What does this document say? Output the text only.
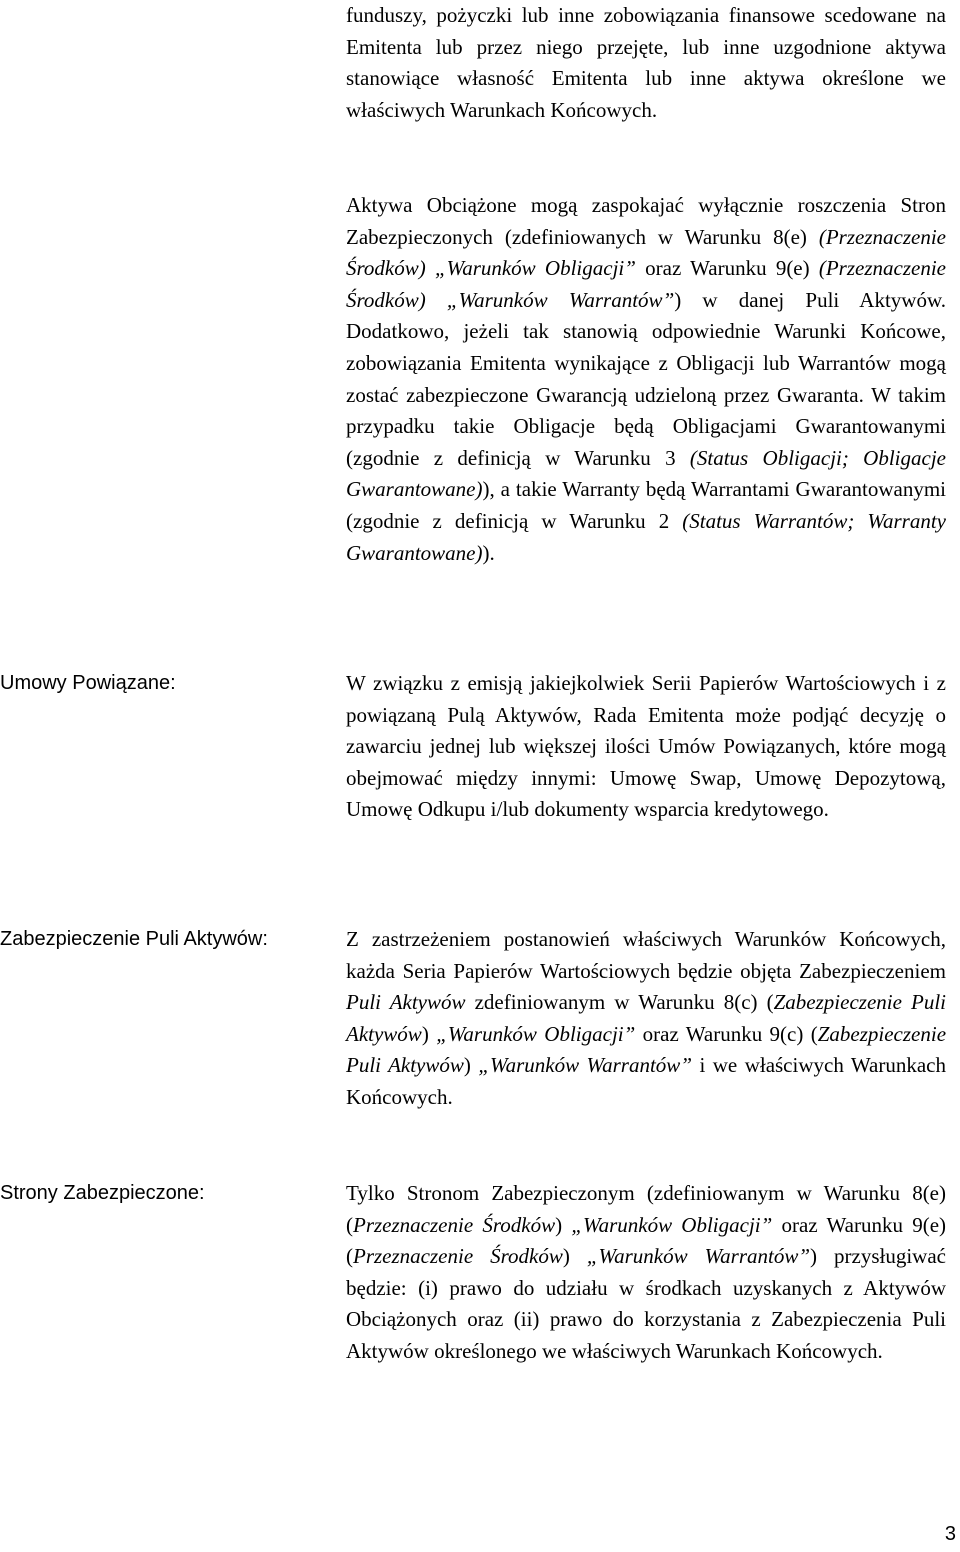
funduszy, pożyczki lub inne zobowiązania finansowe scedowane na Emitenta lub przez niego przejęte, lub inne uzgodnione aktywa stanowiące własność Emitenta lub inne aktywa określone we właściwych Warunkach Końcowych.

Aktywa Obciążone mogą zaspokajać wyłącznie roszczenia Stron Zabezpieczonych (zdefiniowanych w Warunku 8(e) (Przeznaczenie Środków) „Warunków Obligacji” oraz Warunku 9(e) (Przeznaczenie Środków) „Warunków Warrantów”) w danej Puli Aktywów. Dodatkowo, jeżeli tak stanowią odpowiednie Warunki Końcowe, zobowiązania Emitenta wynikające z Obligacji lub Warrantów mogą zostać zabezpieczone Gwarancją udzieloną przez Gwaranta. W takim przypadku takie Obligacje będą Obligacjami Gwarantowanymi (zgodnie z definicją w Warunku 3 (Status Obligacji; Obligacje Gwarantowane)), a takie Warranty będą Warrantami Gwarantowanymi (zgodnie z definicją w Warunku 2 (Status Warrantów; Warranty Gwarantowane)).

Umowy Powiązane:	W związku z emisją jakiejkolwiek Serii Papierów Wartościowych i z powiązaną Pulą Aktywów, Rada Emitenta może podjąć decyzję o zawarciu jednej lub większej ilości Umów Powiązanych, które mogą obejmować między innymi: Umowę Swap, Umowę Depozytową, Umowę Odkupu i/lub dokumenty wsparcia kredytowego.

Zabezpieczenie Puli Aktywów:	Z zastrzeżeniem postanowień właściwych Warunków Końcowych, każda Seria Papierów Wartościowych będzie objęta Zabezpieczeniem Puli Aktywów zdefiniowanym w Warunku 8(c) (Zabezpieczenie Puli Aktywów) „Warunków Obligacji” oraz Warunku 9(c) (Zabezpieczenie Puli Aktywów) „Warunków Warrantów” i we właściwych Warunkach Końcowych.

Strony Zabezpieczone:	Tylko Stronom Zabezpieczonym (zdefiniowanym w Warunku 8(e) (Przeznaczenie Środków) „Warunków Obligacji” oraz Warunku 9(e) (Przeznaczenie Środków) „Warunków Warrantów”) przysługiwać będzie: (i) prawo do udziału w środkach uzyskanych z Aktywów Obciążonych oraz (ii) prawo do korzystania z Zabezpieczenia Puli Aktywów określonego we właściwych Warunkach Końcowych.

3
